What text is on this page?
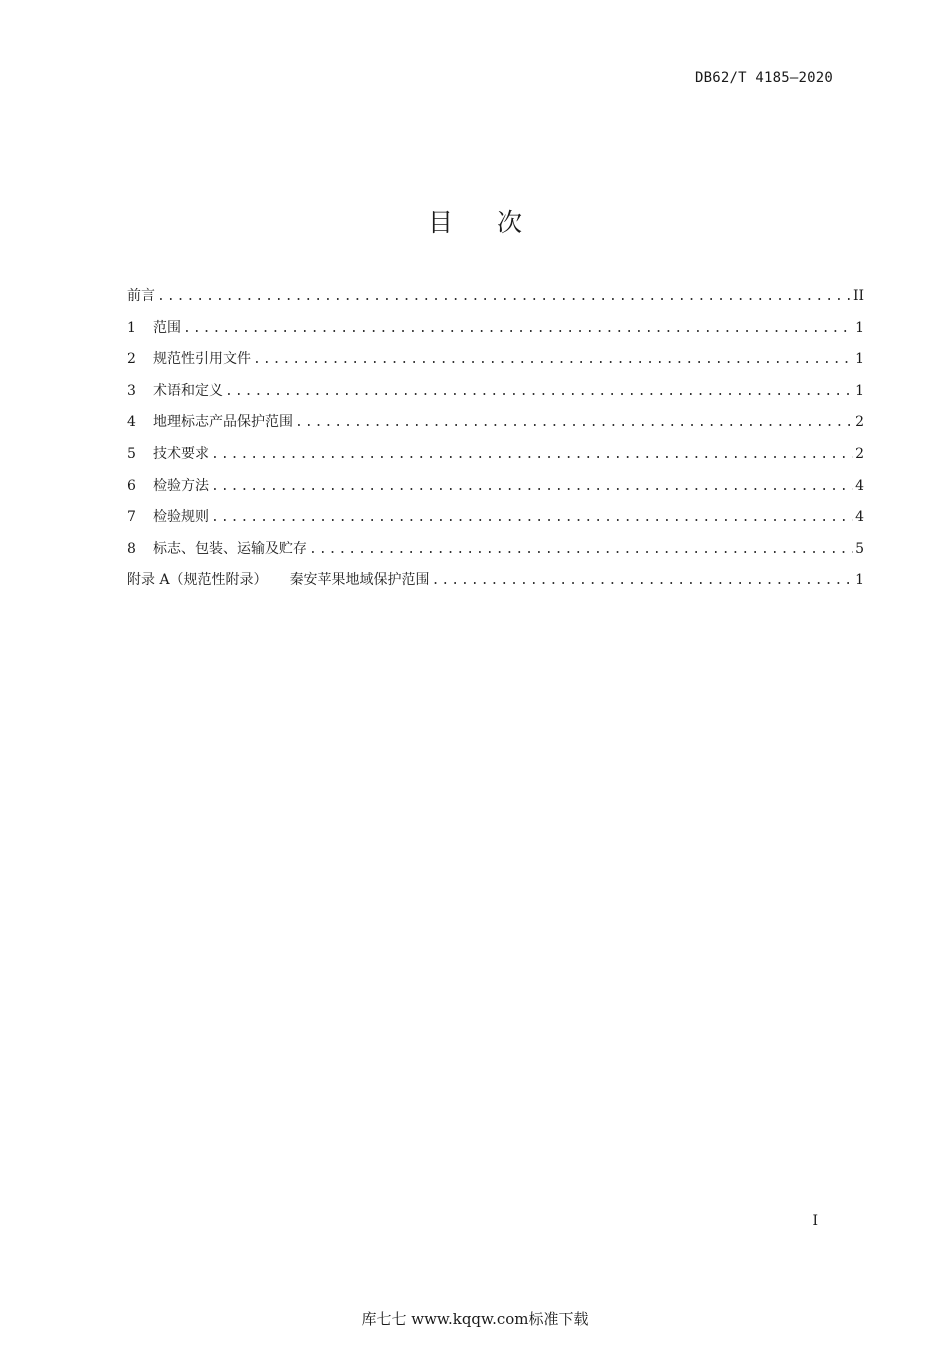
DB62/T 4185—2020
目 次
前言 .....	II
1	范围 .....	1
2	规范性引用文件 .....	1
3	术语和定义 .....	1
4	地理标志产品保护范围 .....	2
5	技术要求 .....	2
6	检验方法 .....	4
7	检验规则 .....	4
8	标志、包装、运输及贮存 .....	5
附录 A（规范性附录） 秦安苹果地域保护范围 .....	1
I
库七七 www.kqqw.com标准下载
